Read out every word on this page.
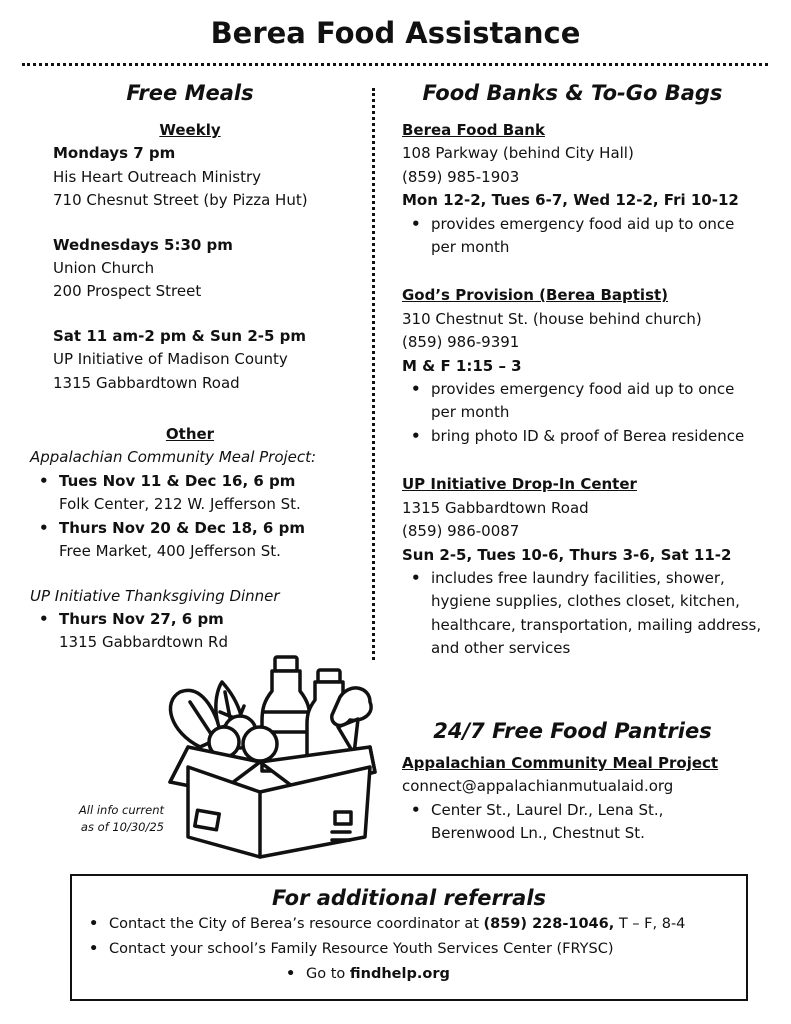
Berea Food Assistance
Free Meals
Weekly
Mondays 7 pm
His Heart Outreach Ministry
710 Chesnut Street (by Pizza Hut)
Wednesdays 5:30 pm
Union Church
200 Prospect Street
Sat 11 am-2 pm & Sun 2-5 pm
UP Initiative of Madison County
1315 Gabbardtown Road
Other
Appalachian Community Meal Project:
• Tues Nov 11 & Dec 16, 6 pm
Folk Center, 212 W. Jefferson St.
• Thurs Nov 20 & Dec 18, 6 pm
Free Market, 400 Jefferson St.
UP Initiative Thanksgiving Dinner
• Thurs Nov 27, 6 pm
1315 Gabbardtown Rd
Food Banks & To-Go Bags
Berea Food Bank
108 Parkway (behind City Hall)
(859) 985-1903
Mon 12-2, Tues 6-7, Wed 12-2, Fri 10-12
• provides emergency food aid up to once per month
God’s Provision (Berea Baptist)
310 Chestnut St. (house behind church)
(859) 986-9391
M & F 1:15 – 3
• provides emergency food aid up to once per month
• bring photo ID & proof of Berea residence
UP Initiative Drop-In Center
1315 Gabbardtown Road
(859) 986-0087
Sun 2-5, Tues 10-6, Thurs 3-6, Sat 11-2
• includes free laundry facilities, shower, hygiene supplies, clothes closet, kitchen, healthcare, transportation, mailing address, and other services
24/7 Free Food Pantries
Appalachian Community Meal Project
connect@appalachianmutualaid.org
• Center St., Laurel Dr., Lena St., Berenwood Ln., Chestnut St.
All info current
as of 10/30/25
For additional referrals
• Contact the City of Berea’s resource coordinator at (859) 228-1046, T – F, 8-4
• Contact your school’s Family Resource Youth Services Center (FRYSC)
• Go to findhelp.org
